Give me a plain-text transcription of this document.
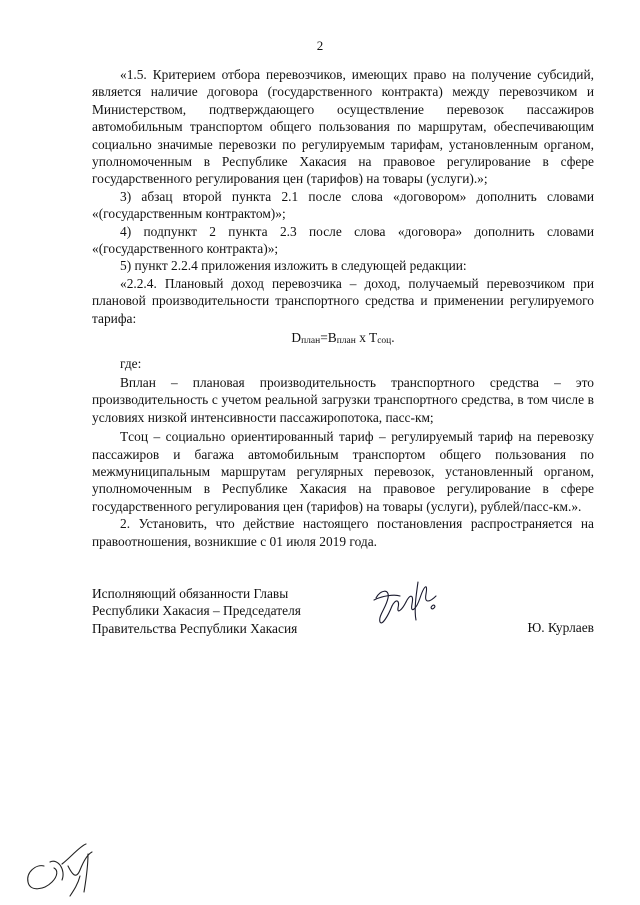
2

«1.5. Критерием отбора перевозчиков, имеющих право на получение субсидий, является наличие договора (государственного контракта) между перевозчиком и Министерством, подтверждающего осуществление перевозок пассажиров автомобильным транспортом общего пользования по маршрутам, обеспечивающим социально значимые перевозки по регулируемым тарифам, установленным органом, уполномоченным в Республике Хакасия на правовое регулирование в сфере государственного регулирования цен (тарифов) на товары (услуги).»;

3) абзац второй пункта 2.1 после слова «договором» дополнить словами «(государственным контрактом)»;

4) подпункт 2 пункта 2.3 после слова «договора» дополнить словами «(государственного контракта)»;

5) пункт 2.2.4 приложения изложить в следующей редакции:

«2.2.4. Плановый доход перевозчика – доход, получаемый перевозчиком при плановой производительности транспортного средства и применении регулируемого тарифа:

$D_{план}=B_{план}$ x $T_{соц}$.

где:

Bплан – плановая производительность транспортного средства – это производительность с учетом реальной загрузки транспортного средства, в том числе в условиях низкой интенсивности пассажиропотока, пасс-км;

Tсоц – социально ориентированный тариф – регулируемый тариф на перевозку пассажиров и багажа автомобильным транспортом общего пользования по межмуниципальным маршрутам регулярных перевозок, установленный органом, уполномоченным в Республике Хакасия на правовое регулирование в сфере государственного регулирования цен (тарифов) на товары (услуги), рублей/пасс-км.».

2. Установить, что действие настоящего постановления распространяется на правоотношения, возникшие с 01 июля 2019 года.

Исполняющий обязанности Главы
Республики Хакасия – Председателя
Правительства Республики Хакасия	Ю. Курлаев
